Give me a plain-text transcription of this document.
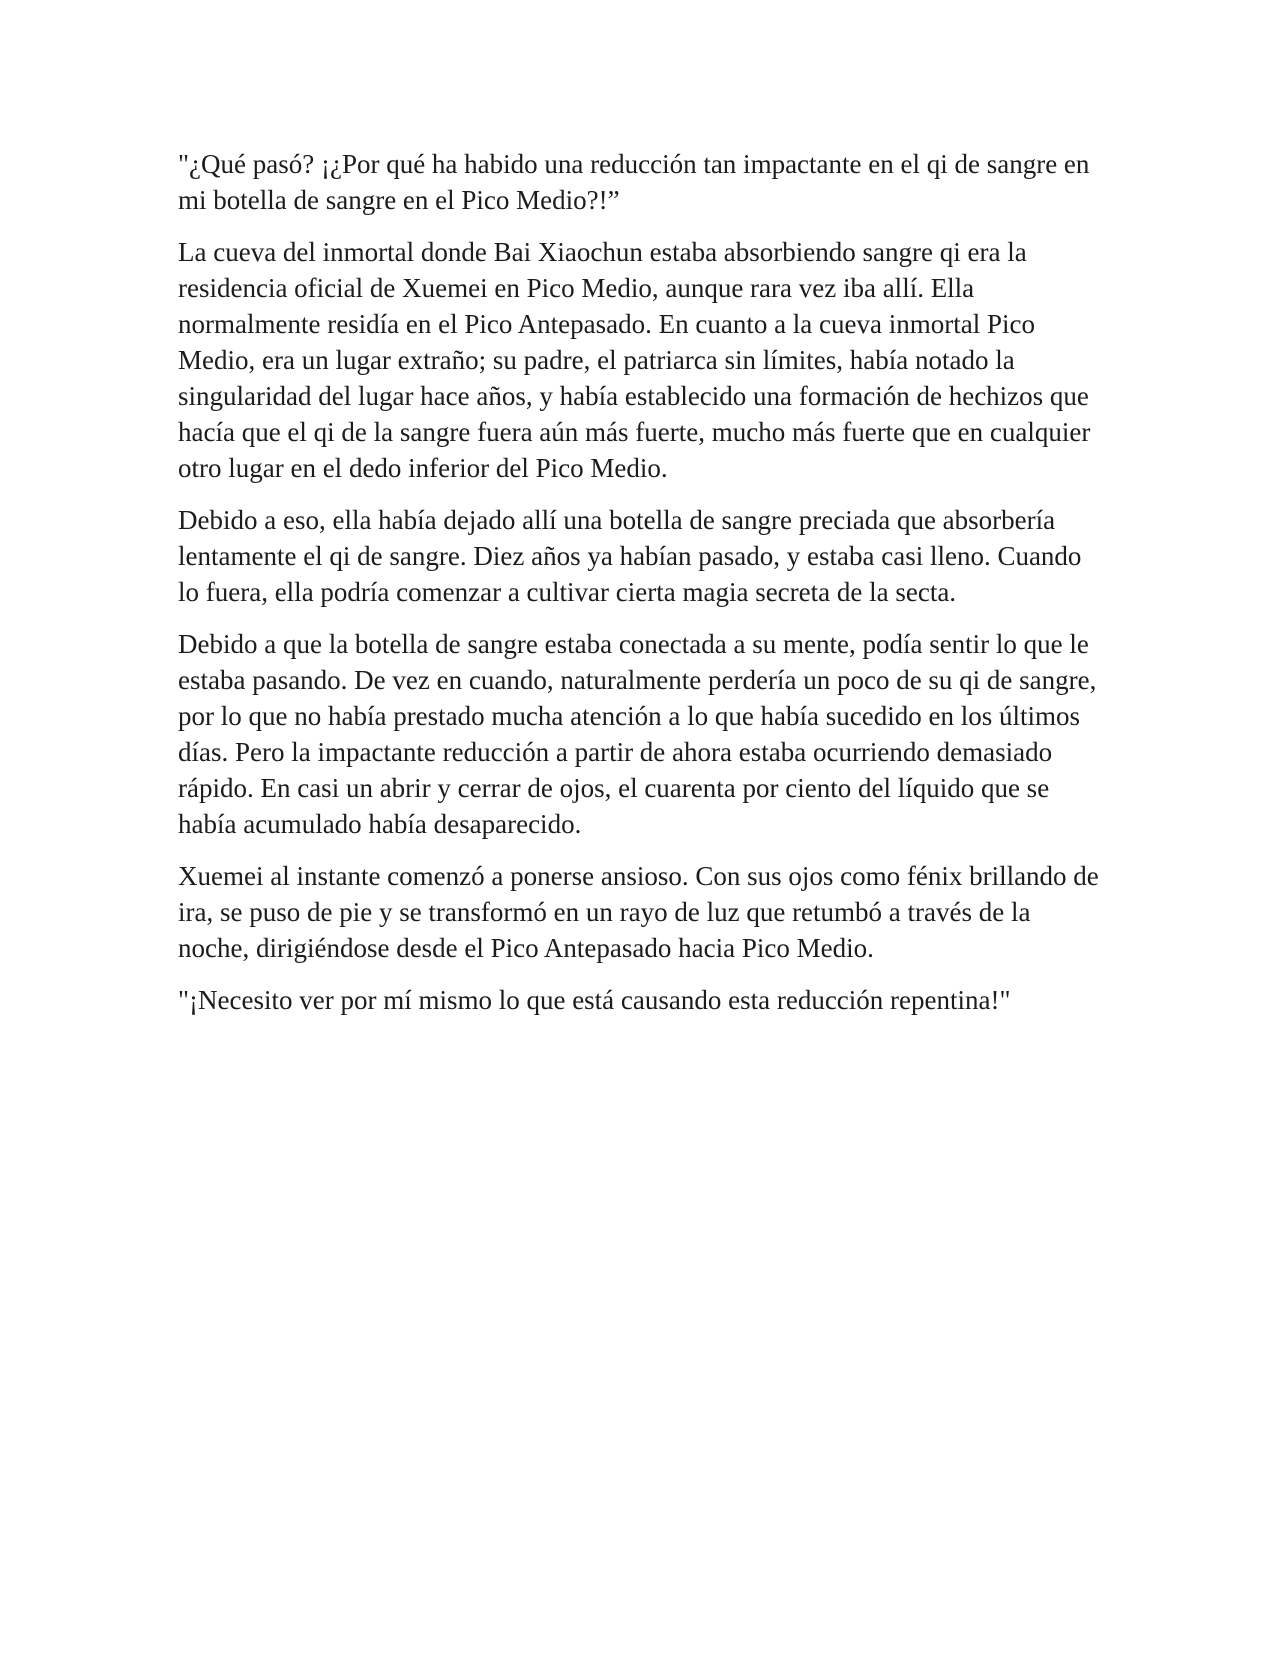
"¿Qué pasó? ¡¿Por qué ha habido una reducción tan impactante en el qi de sangre en mi botella de sangre en el Pico Medio?!”

La cueva del inmortal donde Bai Xiaochun estaba absorbiendo sangre qi era la residencia oficial de Xuemei en Pico Medio, aunque rara vez iba allí. Ella normalmente residía en el Pico Antepasado. En cuanto a la cueva inmortal Pico Medio, era un lugar extraño; su padre, el patriarca sin límites, había notado la singularidad del lugar hace años, y había establecido una formación de hechizos que hacía que el qi de la sangre fuera aún más fuerte, mucho más fuerte que en cualquier otro lugar en el dedo inferior del Pico Medio.

Debido a eso, ella había dejado allí una botella de sangre preciada que absorbería lentamente el qi de sangre. Diez años ya habían pasado, y estaba casi lleno. Cuando lo fuera, ella podría comenzar a cultivar cierta magia secreta de la secta.

Debido a que la botella de sangre estaba conectada a su mente, podía sentir lo que le estaba pasando. De vez en cuando, naturalmente perdería un poco de su qi de sangre, por lo que no había prestado mucha atención a lo que había sucedido en los últimos días. Pero la impactante reducción a partir de ahora estaba ocurriendo demasiado rápido. En casi un abrir y cerrar de ojos, el cuarenta por ciento del líquido que se había acumulado había desaparecido.

Xuemei al instante comenzó a ponerse ansioso. Con sus ojos como fénix brillando de ira, se puso de pie y se transformó en un rayo de luz que retumbó a través de la noche, dirigiéndose desde el Pico Antepasado hacia Pico Medio.

"¡Necesito ver por mí mismo lo que está causando esta reducción repentina!"
